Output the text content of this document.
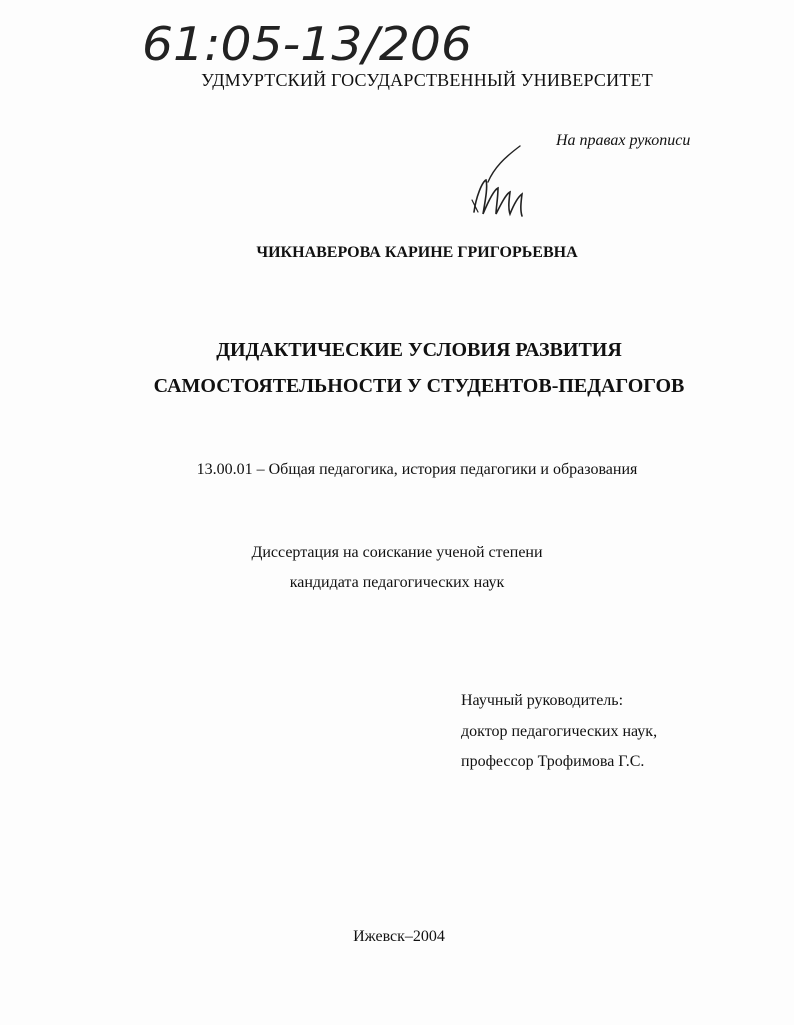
61:05-13/206
УДМУРТСКИЙ ГОСУДАРСТВЕННЫЙ УНИВЕРСИТЕТ
На правах рукописи
ЧИКНАВЕРОВА КАРИНЕ ГРИГОРЬЕВНА
ДИДАКТИЧЕСКИЕ УСЛОВИЯ РАЗВИТИЯ
САМОСТОЯТЕЛЬНОСТИ У СТУДЕНТОВ-ПЕДАГОГОВ
13.00.01 – Общая педагогика, история педагогики и образования
Диссертация на соискание ученой степени
кандидата педагогических наук
Научный руководитель:
доктор педагогических наук,
профессор Трофимова Г.С.
Ижевск–2004
